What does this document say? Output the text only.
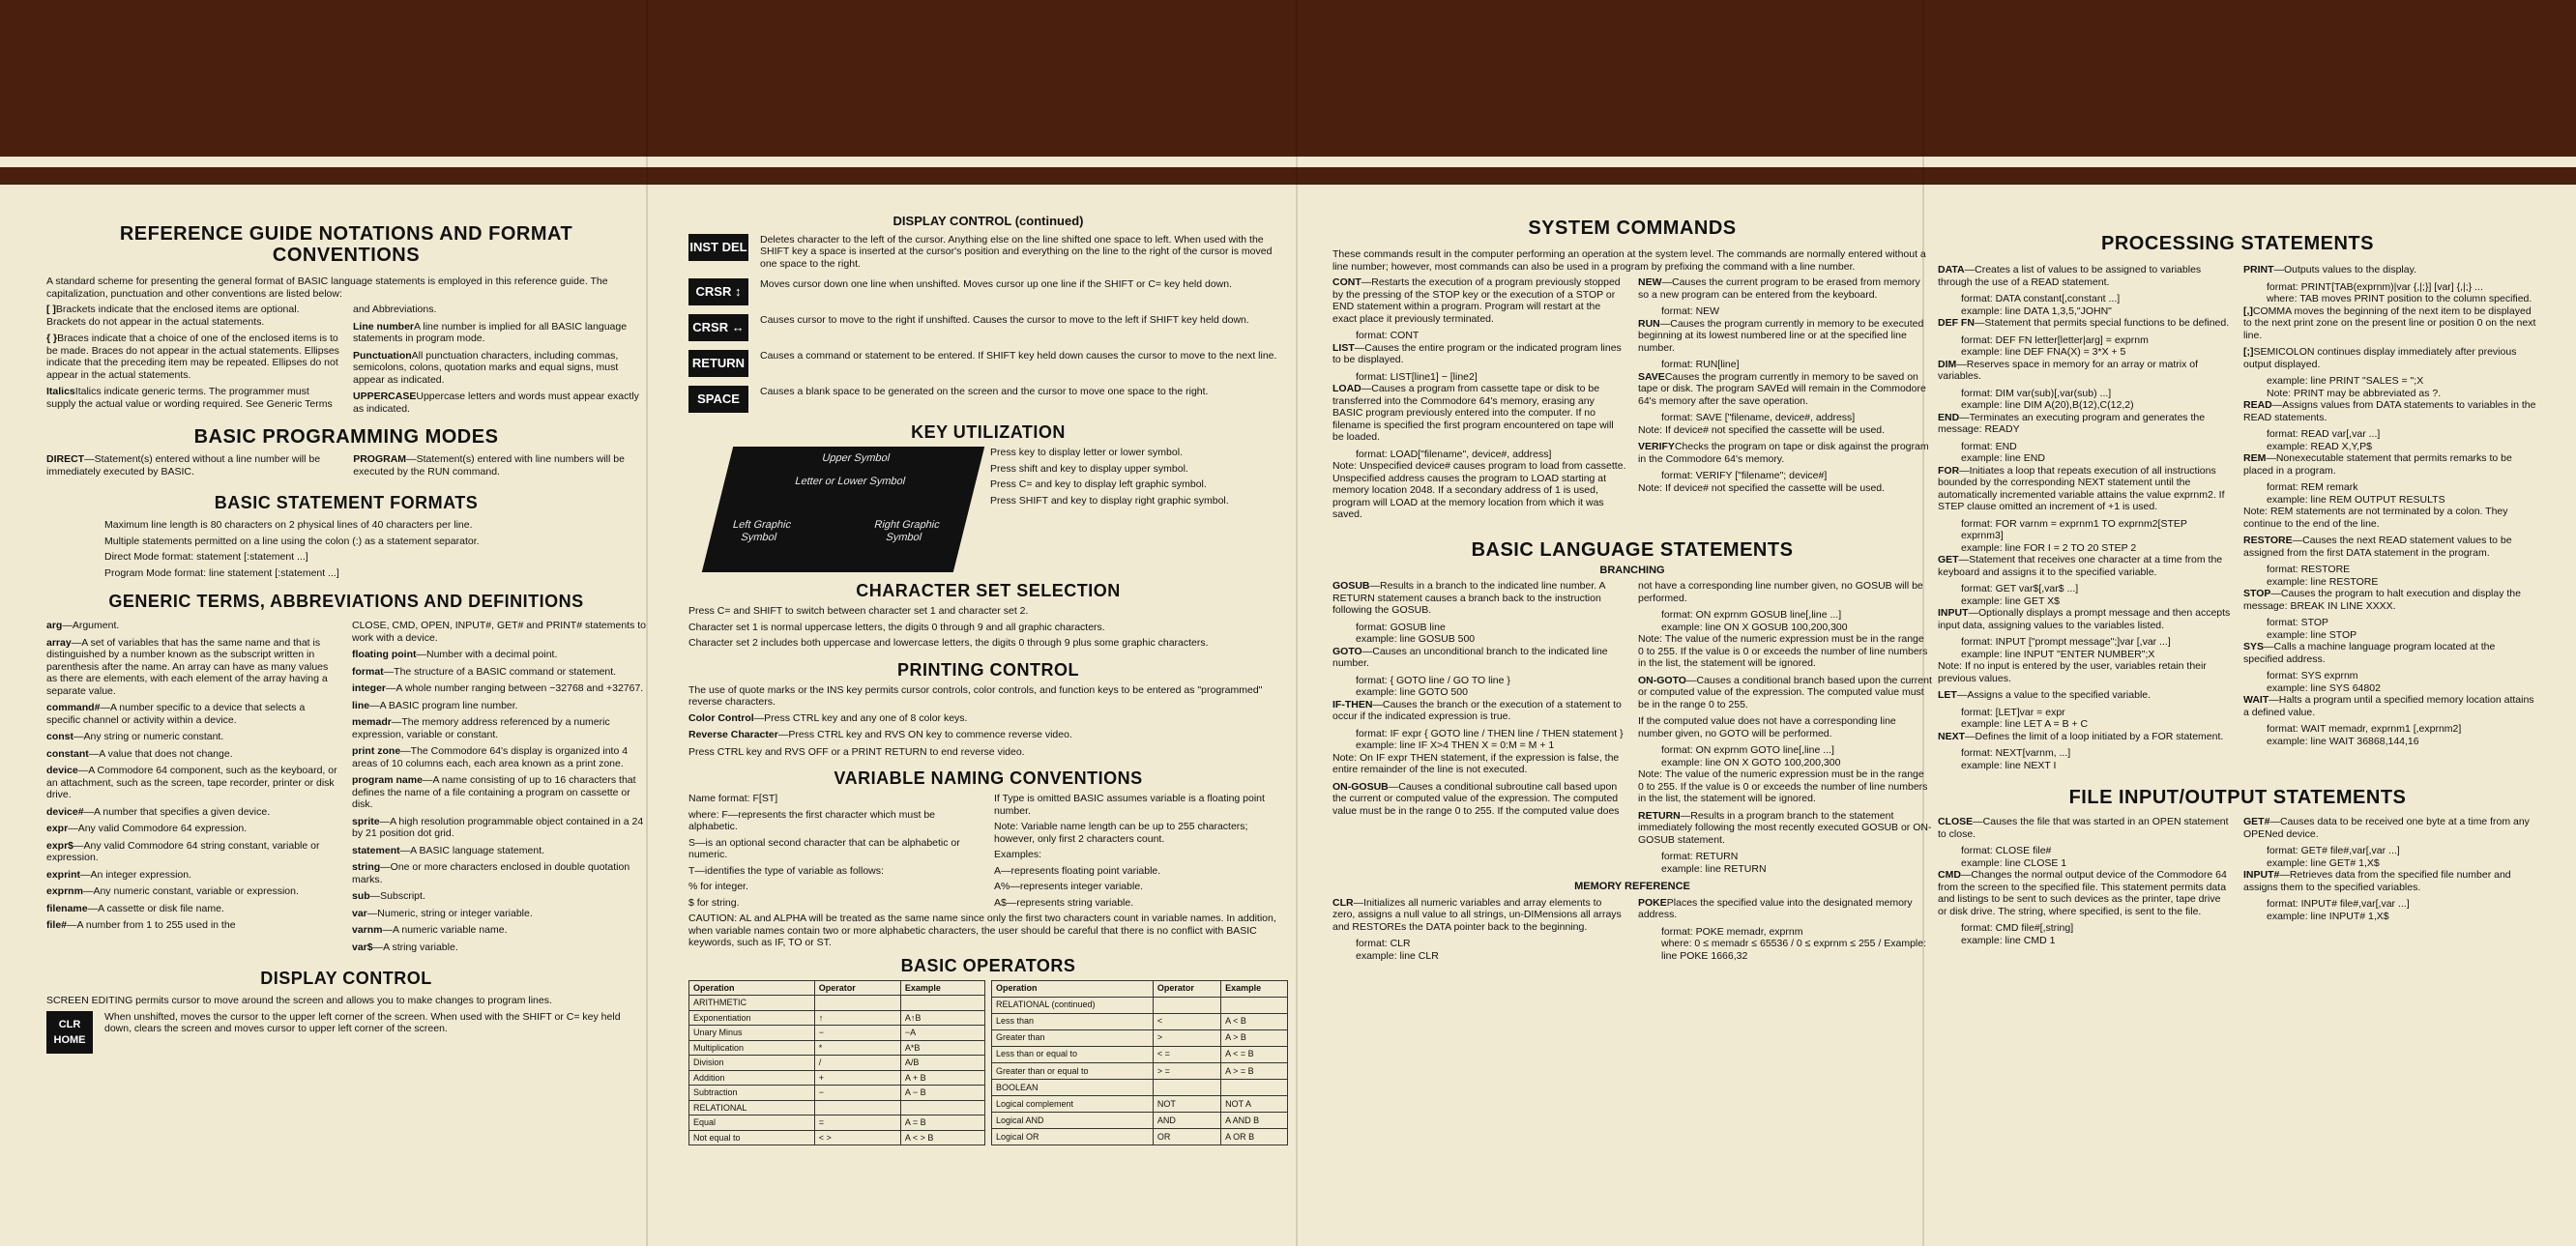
REFERENCE GUIDE NOTATIONS AND FORMAT CONVENTIONS

A standard scheme for presenting the general format of BASIC language statements is employed in this reference guide. The capitalization, punctuation and other conventions are listed below:

[ ]Brackets indicate that the enclosed items are optional. Brackets do not appear in the actual statements.
{ }Braces indicate that a choice of one of the enclosed items is to be made. Braces do not appear in the actual statements. Ellipses indicate that the preceding item may be repeated. Ellipses do not appear in the actual statements.
ItalicsItalics indicate generic terms. The programmer must supply the actual value or wording required. See Generic Terms and Abbreviations.
Line numberA line number is implied for all BASIC language statements in program mode.
PunctuationAll punctuation characters, including commas, semicolons, colons, quotation marks and equal signs, must appear as indicated.
UPPERCASEUppercase letters and words must appear exactly as indicated.
BASIC PROGRAMMING MODES
DIRECT—Statement(s) entered without a line number will be immediately executed by BASIC.
PROGRAM—Statement(s) entered with line numbers will be executed by the RUN command.
BASIC STATEMENT FORMATS

Maximum line length is 80 characters on 2 physical lines of 40 characters per line.

Multiple statements permitted on a line using the colon (:) as a statement separator.

Direct Mode format: statement [:statement ...]

Program Mode format: line statement [:statement ...]

GENERIC TERMS, ABBREVIATIONS AND DEFINITIONS
arg—Argument.
array—A set of variables that has the same name and that is distinguished by a number known as the subscript written in parenthesis after the name. An array can have as many values as there are elements, with each element of the array having a separate value.
command#—A number specific to a device that selects a specific channel or activity within a device.
const—Any string or numeric constant.
constant—A value that does not change.
device—A Commodore 64 component, such as the keyboard, or an attachment, such as the screen, tape recorder, printer or disk drive.
device#—A number that specifies a given device.
expr—Any valid Commodore 64 expression.
expr$—Any valid Commodore 64 string constant, variable or expression.
exprint—An integer expression.
exprnm—Any numeric constant, variable or expression.
filename—A cassette or disk file name.
file#—A number from 1 to 255 used in the
CLOSE, CMD, OPEN, INPUT#, GET# and PRINT# statements to work with a device.
floating point—Number with a decimal point.
format—The structure of a BASIC command or statement.
integer—A whole number ranging between −32768 and +32767.
line—A BASIC program line number.
memadr—The memory address referenced by a numeric expression, variable or constant.
print zone—The Commodore 64's display is organized into 4 areas of 10 columns each, each area known as a print zone.
program name—A name consisting of up to 16 characters that defines the name of a file containing a program on cassette or disk.
sprite—A high resolution programmable object contained in a 24 by 21 position dot grid.
statement—A BASIC language statement.
string—One or more characters enclosed in double quotation marks.
sub—Subscript.
var—Numeric, string or integer variable.
varnm—A numeric variable name.
var$—A string variable.
DISPLAY CONTROL

SCREEN EDITING permits cursor to move around the screen and allows you to make changes to program lines.

CLR HOME
When unshifted, moves the cursor to the upper left corner of the screen. When used with the SHIFT or C= key held down, clears the screen and moves cursor to upper left corner of the screen.
DISPLAY CONTROL (continued)
INST DEL Deletes character to the left of the cursor. Anything else on the line shifted one space to left. When used with the SHIFT key a space is inserted at the cursor's position and everything on the line to the right of the cursor is moved one space to the right.
CRSR ↕	Moves cursor down one line when unshifted. Moves cursor up one line if the SHIFT or C= key held down.
CRSR ↔	Causes cursor to move to the right if unshifted. Causes the cursor to move to the left if SHIFT key held down.
RETURN	Causes a command or statement to be entered. If SHIFT key held down causes the cursor to move to the next line.
SPACE	Causes a blank space to be generated on the screen and the cursor to move one space to the right.
KEY UTILIZATION
Upper Symbol
Letter or Lower Symbol
Left Graphic Symbol
Right Graphic Symbol

Press key to display letter or lower symbol.

Press shift and key to display upper symbol.

Press C= and key to display left graphic symbol.

Press SHIFT and key to display right graphic symbol.

CHARACTER SET SELECTION

Press C= and SHIFT to switch between character set 1 and character set 2.

Character set 1 is normal uppercase letters, the digits 0 through 9 and all graphic characters.

Character set 2 includes both uppercase and lowercase letters, the digits 0 through 9 plus some graphic characters.

PRINTING CONTROL

The use of quote marks or the INS key permits cursor controls, color controls, and function keys to be entered as "programmed" reverse characters.

Color Control—Press CTRL key and any one of 8 color keys.
Reverse Character—Press CTRL key and RVS ON key to commence reverse video.
Press CTRL key and RVS OFF or a PRINT RETURN to end reverse video.
VARIABLE NAMING CONVENTIONS

Name format: F[ST]

where: F—represents the first character which must be alphabetic.

S—is an optional second character that can be alphabetic or numeric.

T—identifies the type of variable as follows:

% for integer.

$ for string.

If Type is omitted BASIC assumes variable is a floating point number.

Note: Variable name length can be up to 255 characters; however, only first 2 characters count.

Examples:

A—represents floating point variable.

A%—represents integer variable.

A$—represents string variable.

CAUTION: AL and ALPHA will be treated as the same name since only the first two characters count in variable names. In addition, when variable names contain two or more alphabetic characters, the user should be careful that there is no conflict with BASIC keywords, such as IF, TO or ST.

BASIC OPERATORS
Operation	Operator	Example
ARITHMETIC		
Exponentiation	↑	A↑B
Unary Minus	−	−A
Multiplication	*	A*B
Division	/	A/B
Addition	+	A + B
Subtraction	−	A − B
RELATIONAL		
Equal	=	A = B
Not equal to	< >	A < > B
Operation	Operator	Example
RELATIONAL (continued)		
Less than	<	A < B
Greater than	>	A > B
Less than or equal to	< =	A < = B
Greater than or equal to	> =	A > = B
BOOLEAN		
Logical complement	NOT	NOT A
Logical AND	AND	A AND B
Logical OR	OR	A OR B
SYSTEM COMMANDS

These commands result in the computer performing an operation at the system level. The commands are normally entered without a line number; however, most commands can also be used in a program by prefixing the command with a line number.

CONT—Restarts the execution of a program previously stopped by the pressing of the STOP key or the execution of a STOP or END statement within a program. Program will restart at the exact place it previously terminated.
format: CONT
LIST—Causes the entire program or the indicated program lines to be displayed.
format: LIST[line1] − [line2]
LOAD—Causes a program from cassette tape or disk to be transferred into the Commodore 64's memory, erasing any BASIC program previously entered into the computer. If no filename is specified the first program encountered on tape will be loaded.
format: LOAD["filename", device#, address]
Note: Unspecified device# causes program to load from cassette. Unspecified address causes the program to LOAD starting at memory location 2048. If a secondary address of 1 is used, program will LOAD at the memory location from which it was saved.
NEW—Causes the current program to be erased from memory so a new program can be entered from the keyboard.
format: NEW
RUN—Causes the program currently in memory to be executed beginning at its lowest numbered line or at the specified line number.
format: RUN[line]
SAVECauses the program currently in memory to be saved on tape or disk. The program SAVEd will remain in the Commodore 64's memory after the save operation.
format: SAVE ["filename, device#, address]
Note: If device# not specified the cassette will be used.
VERIFYChecks the program on tape or disk against the program in the Commodore 64's memory.
format: VERIFY ["filename"; device#]
Note: If device# not specified the cassette will be used.
BASIC LANGUAGE STATEMENTS
BRANCHING
GOSUB—Results in a branch to the indicated line number. A RETURN statement causes a branch back to the instruction following the GOSUB.
format: GOSUB line
example: line GOSUB 500
GOTO—Causes an unconditional branch to the indicated line number.
format: { GOTO line / GO TO line }
example: line GOTO 500
IF-THEN—Causes the branch or the execution of a statement to occur if the indicated expression is true.
format: IF expr { GOTO line / THEN line / THEN statement }
example: line IF X>4 THEN X = 0:M = M + 1
Note: On IF expr THEN statement, if the expression is false, the entire remainder of the line is not executed.
ON-GOSUB—Causes a conditional subroutine call based upon the current or computed value of the expression. The computed value must be in the range 0 to 255. If the computed value does
not have a corresponding line number given, no GOSUB will be performed.
format: ON exprnm GOSUB line[,line ...]
example: line ON X GOSUB 100,200,300
Note: The value of the numeric expression must be in the range 0 to 255. If the value is 0 or exceeds the number of line numbers in the list, the statement will be ignored.
ON-GOTO—Causes a conditional branch based upon the current or computed value of the expression. The computed value must be in the range 0 to 255.
If the computed value does not have a corresponding line number given, no GOTO will be performed.
format: ON exprnm GOTO line[,line ...]
example: line ON X GOTO 100,200,300
Note: The value of the numeric expression must be in the range 0 to 255. If the value is 0 or exceeds the number of line numbers in the list, the statement will be ignored.
RETURN—Results in a program branch to the statement immediately following the most recently executed GOSUB or ON-GOSUB statement.
format: RETURN
example: line RETURN
MEMORY REFERENCE
CLR—Initializes all numeric variables and array elements to zero, assigns a null value to all strings, un-DIMensions all arrays and RESTOREs the DATA pointer back to the beginning.
format: CLR
example: line CLR
POKEPlaces the specified value into the designated memory address.
format: POKE memadr, exprnm
where: 0 ≤ memadr ≤ 65536 / 0 ≤ exprnm ≤ 255 / Example: line POKE 1666,32
PROCESSING STATEMENTS
DATA—Creates a list of values to be assigned to variables through the use of a READ statement.
format: DATA constant[,constant ...]
example: line DATA 1,3,5,"JOHN"
DEF FN—Statement that permits special functions to be defined.
format: DEF FN letter[letter|arg] = exprnm
example: line DEF FNA(X) = 3*X + 5
DIM—Reserves space in memory for an array or matrix of variables.
format: DIM var(sub)[,var(sub) ...]
example: line DIM A(20),B(12),C(12,2)
END—Terminates an executing program and generates the message: READY
format: END
example: line END
FOR—Initiates a loop that repeats execution of all instructions bounded by the corresponding NEXT statement until the automatically incremented variable attains the value exprnm2. If STEP clause omitted an increment of +1 is used.
format: FOR varnm = exprnm1 TO exprnm2[STEP exprnm3]
example: line FOR I = 2 TO 20 STEP 2
GET—Statement that receives one character at a time from the keyboard and assigns it to the specified variable.
format: GET var$[,var$ ...]
example: line GET X$
INPUT—Optionally displays a prompt message and then accepts input data, assigning values to the variables listed.
format: INPUT ["prompt message";]var [,var ...]
example: line INPUT "ENTER NUMBER";X
Note: If no input is entered by the user, variables retain their previous values.
LET—Assigns a value to the specified variable.
format: [LET]var = expr
example: line LET A = B + C
NEXT—Defines the limit of a loop initiated by a FOR statement.
format: NEXT[varnm, ...]
example: line NEXT I
PRINT—Outputs values to the display.
format: PRINT[TAB(exprnm)|var {,|;}] [var] {,|;} ...
where: TAB moves PRINT position to the column specified.
[,]COMMA moves the beginning of the next item to be displayed to the next print zone on the present line or position 0 on the next line.
[;]SEMICOLON continues display immediately after previous output displayed.
example: line PRINT "SALES = ";X
Note: PRINT may be abbreviated as ?.
READ—Assigns values from DATA statements to variables in the READ statements.
format: READ var[,var ...]
example: READ X,Y,P$
REM—Nonexecutable statement that permits remarks to be placed in a program.
format: REM remark
example: line REM OUTPUT RESULTS
Note: REM statements are not terminated by a colon. They continue to the end of the line.
RESTORE—Causes the next READ statement values to be assigned from the first DATA statement in the program.
format: RESTORE
example: line RESTORE
STOP—Causes the program to halt execution and display the message: BREAK IN LINE XXXX.
format: STOP
example: line STOP
SYS—Calls a machine language program located at the specified address.
format: SYS exprnm
example: line SYS 64802
WAIT—Halts a program until a specified memory location attains a defined value.
format: WAIT memadr, exprnm1 [,exprnm2]
example: line WAIT 36868,144,16
FILE INPUT/OUTPUT STATEMENTS
CLOSE—Causes the file that was started in an OPEN statement to close.
format: CLOSE file#
example: line CLOSE 1
CMD—Changes the normal output device of the Commodore 64 from the screen to the specified file. This statement permits data and listings to be sent to such devices as the printer, tape drive or disk drive. The string, where specified, is sent to the file.
format: CMD file#[,string]
example: line CMD 1
GET#—Causes data to be received one byte at a time from any OPENed device.
format: GET# file#,var[,var ...]
example: line GET# 1,X$
INPUT#—Retrieves data from the specified file number and assigns them to the specified variables.
format: INPUT# file#,var[,var ...]
example: line INPUT# 1,X$
